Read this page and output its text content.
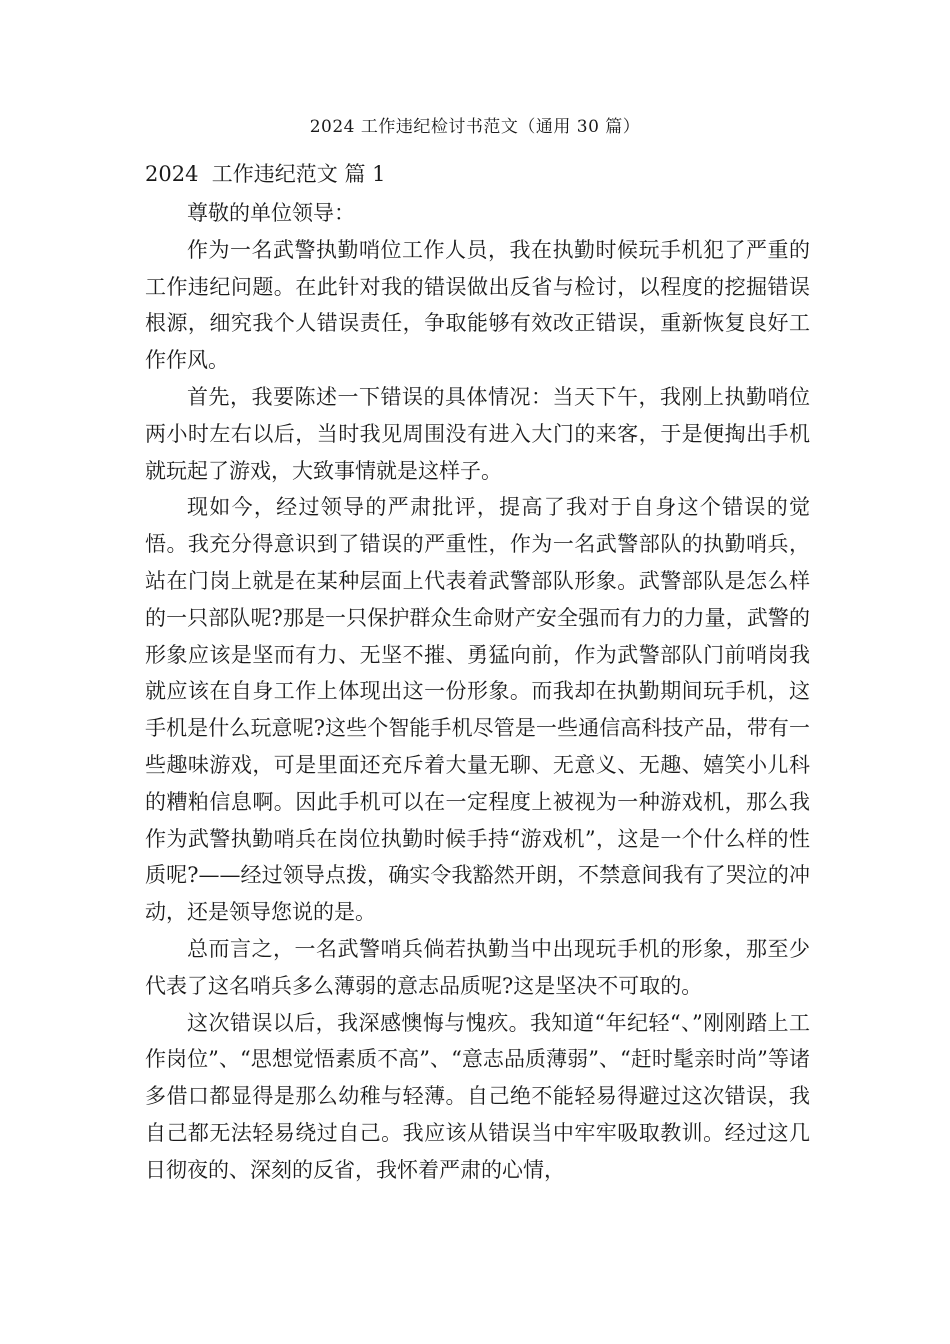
2024 工作违纪检讨书范文（通用 30 篇）
2024  工作违纪范文 篇 1

尊敬的单位领导：

作为一名武警执勤哨位工作人员，我在执勤时候玩手机犯了严重的工作违纪问题。在此针对我的错误做出反省与检讨，以程度的挖掘错误根源，细究我个人错误责任，争取能够有效改正错误，重新恢复良好工作作风。

首先，我要陈述一下错误的具体情况：当天下午，我刚上执勤哨位两小时左右以后，当时我见周围没有进入大门的来客，于是便掏出手机就玩起了游戏，大致事情就是这样子。

现如今，经过领导的严肃批评，提高了我对于自身这个错误的觉悟。我充分得意识到了错误的严重性，作为一名武警部队的执勤哨兵，站在门岗上就是在某种层面上代表着武警部队形象。武警部队是怎么样的一只部队呢?那是一只保护群众生命财产安全强而有力的力量，武警的形象应该是坚而有力、无坚不摧、勇猛向前，作为武警部队门前哨岗我就应该在自身工作上体现出这一份形象。而我却在执勤期间玩手机，这手机是什么玩意呢?这些个智能手机尽管是一些通信高科技产品，带有一些趣味游戏，可是里面还充斥着大量无聊、无意义、无趣、嬉笑小儿科的糟粕信息啊。因此手机可以在一定程度上被视为一种游戏机，那么我作为武警执勤哨兵在岗位执勤时候手持“游戏机”，这是一个什么样的性质呢?——经过领导点拨，确实令我豁然开朗，不禁意间我有了哭泣的冲动，还是领导您说的是。

总而言之，一名武警哨兵倘若执勤当中出现玩手机的形象，那至少代表了这名哨兵多么薄弱的意志品质呢?这是坚决不可取的。

这次错误以后，我深感懊悔与愧疚。我知道“年纪轻“、”刚刚踏上工作岗位”、“思想觉悟素质不高”、“意志品质薄弱”、“赶时髦亲时尚”等诸多借口都显得是那么幼稚与轻薄。自己绝不能轻易得避过这次错误，我自己都无法轻易绕过自己。我应该从错误当中牢牢吸取教训。经过这几日彻夜的、深刻的反省，我怀着严肃的心情，
